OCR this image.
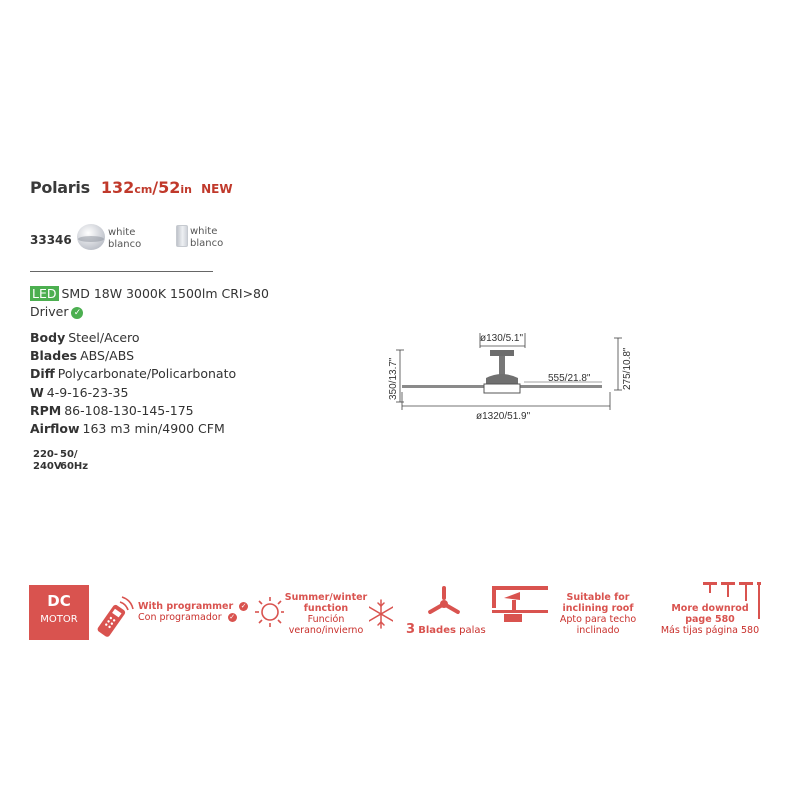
Polaris 132cm/52in NEW
33346
white
blanco
white
blanco
LED SMD 18W 3000K 1500lm CRI>80
Driver ✓
Body Steel/Acero
Blades ABS/ABS
Diff Polycarbonate/Policarbonato
W 4-9-16-23-35
RPM 86-108-130-145-175
Airflow 163 m3 min/4900 CFM
220-
240V
50/
60Hz
ø130/5.1"
555/21.8"
ø1320/51.9"
350/13.7"	275/10.8"
DC
MOTOR
With programmer ✓
Con programador ✓
Summer/winter
function
Función
verano/invierno	3 Blades palas
Suitable for
inclining roof
Apto para techo
inclinado
More downrod
page 580
Más tijas página 580
